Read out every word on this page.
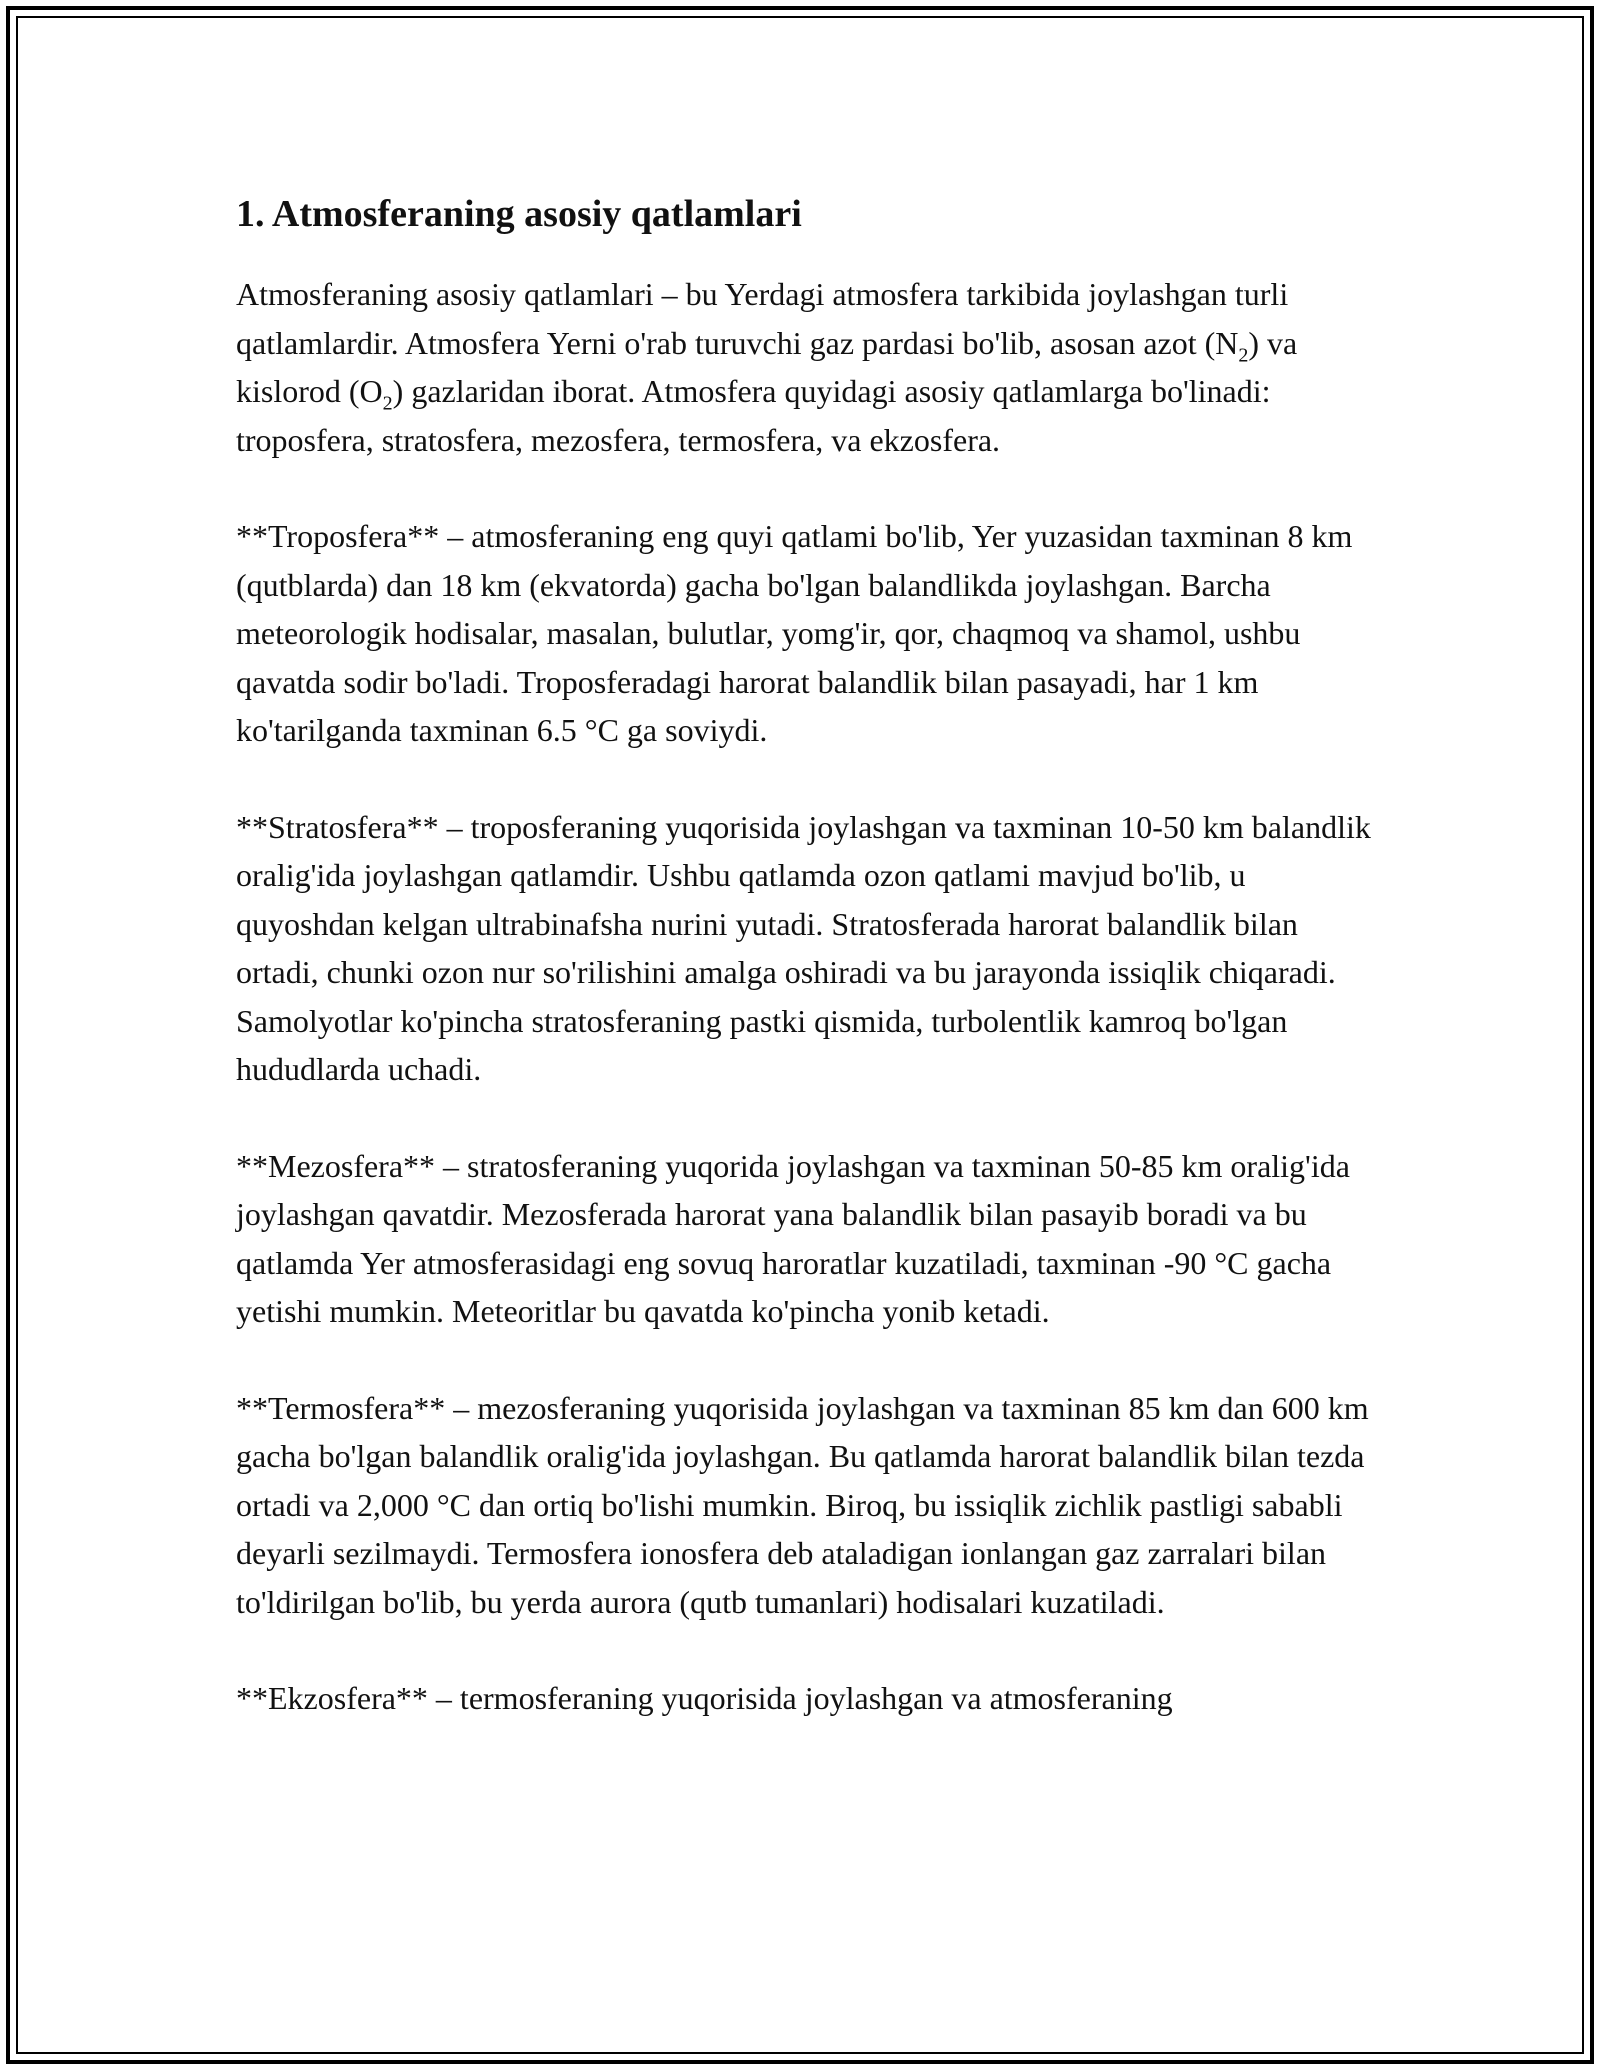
1. Atmosferaning asosiy qatlamlari

Atmosferaning asosiy qatlamlari – bu Yerdagi atmosfera tarkibida joylashgan turli qatlamlardir. Atmosfera Yerni o'rab turuvchi gaz pardasi bo'lib, asosan azot $(N_2)$ va kislorod $(O_2)$ gazlaridan iborat. Atmosfera quyidagi asosiy qatlamlarga bo'linadi: troposfera, stratosfera, mezosfera, termosfera, va ekzosfera.

**Troposfera** – atmosferaning eng quyi qatlami bo'lib, Yer yuzasidan taxminan 8 km (qutblarda) dan 18 km (ekvatorda) gacha bo'lgan balandlikda joylashgan. Barcha meteorologik hodisalar, masalan, bulutlar, yomg'ir, qor, chaqmoq va shamol, ushbu qavatda sodir bo'ladi. Troposferadagi harorat balandlik bilan pasayadi, har 1 km ko'tarilganda taxminan 6.5 °C ga soviydi.

**Stratosfera** – troposferaning yuqorisida joylashgan va taxminan 10-50 km balandlik oralig'ida joylashgan qatlamdir. Ushbu qatlamda ozon qatlami mavjud bo'lib, u quyoshdan kelgan ultrabinafsha nurini yutadi. Stratosferada harorat balandlik bilan ortadi, chunki ozon nur so'rilishini amalga oshiradi va bu jarayonda issiqlik chiqaradi. Samolyotlar ko'pincha stratosferaning pastki qismida, turbolentlik kamroq bo'lgan hududlarda uchadi.

**Mezosfera** – stratosferaning yuqorida joylashgan va taxminan 50-85 km oralig'ida joylashgan qavatdir. Mezosferada harorat yana balandlik bilan pasayib boradi va bu qatlamda Yer atmosferasidagi eng sovuq haroratlar kuzatiladi, taxminan -90 °C gacha yetishi mumkin. Meteoritlar bu qavatda ko'pincha yonib ketadi.

**Termosfera** – mezosferaning yuqorisida joylashgan va taxminan 85 km dan 600 km gacha bo'lgan balandlik oralig'ida joylashgan. Bu qatlamda harorat balandlik bilan tezda ortadi va 2,000 °C dan ortiq bo'lishi mumkin. Biroq, bu issiqlik zichlik pastligi sababli deyarli sezilmaydi. Termosfera ionosfera deb ataladigan ionlangan gaz zarralari bilan to'ldirilgan bo'lib, bu yerda aurora (qutb tumanlari) hodisalari kuzatiladi.

**Ekzosfera** – termosferaning yuqorisida joylashgan va atmosferaning
